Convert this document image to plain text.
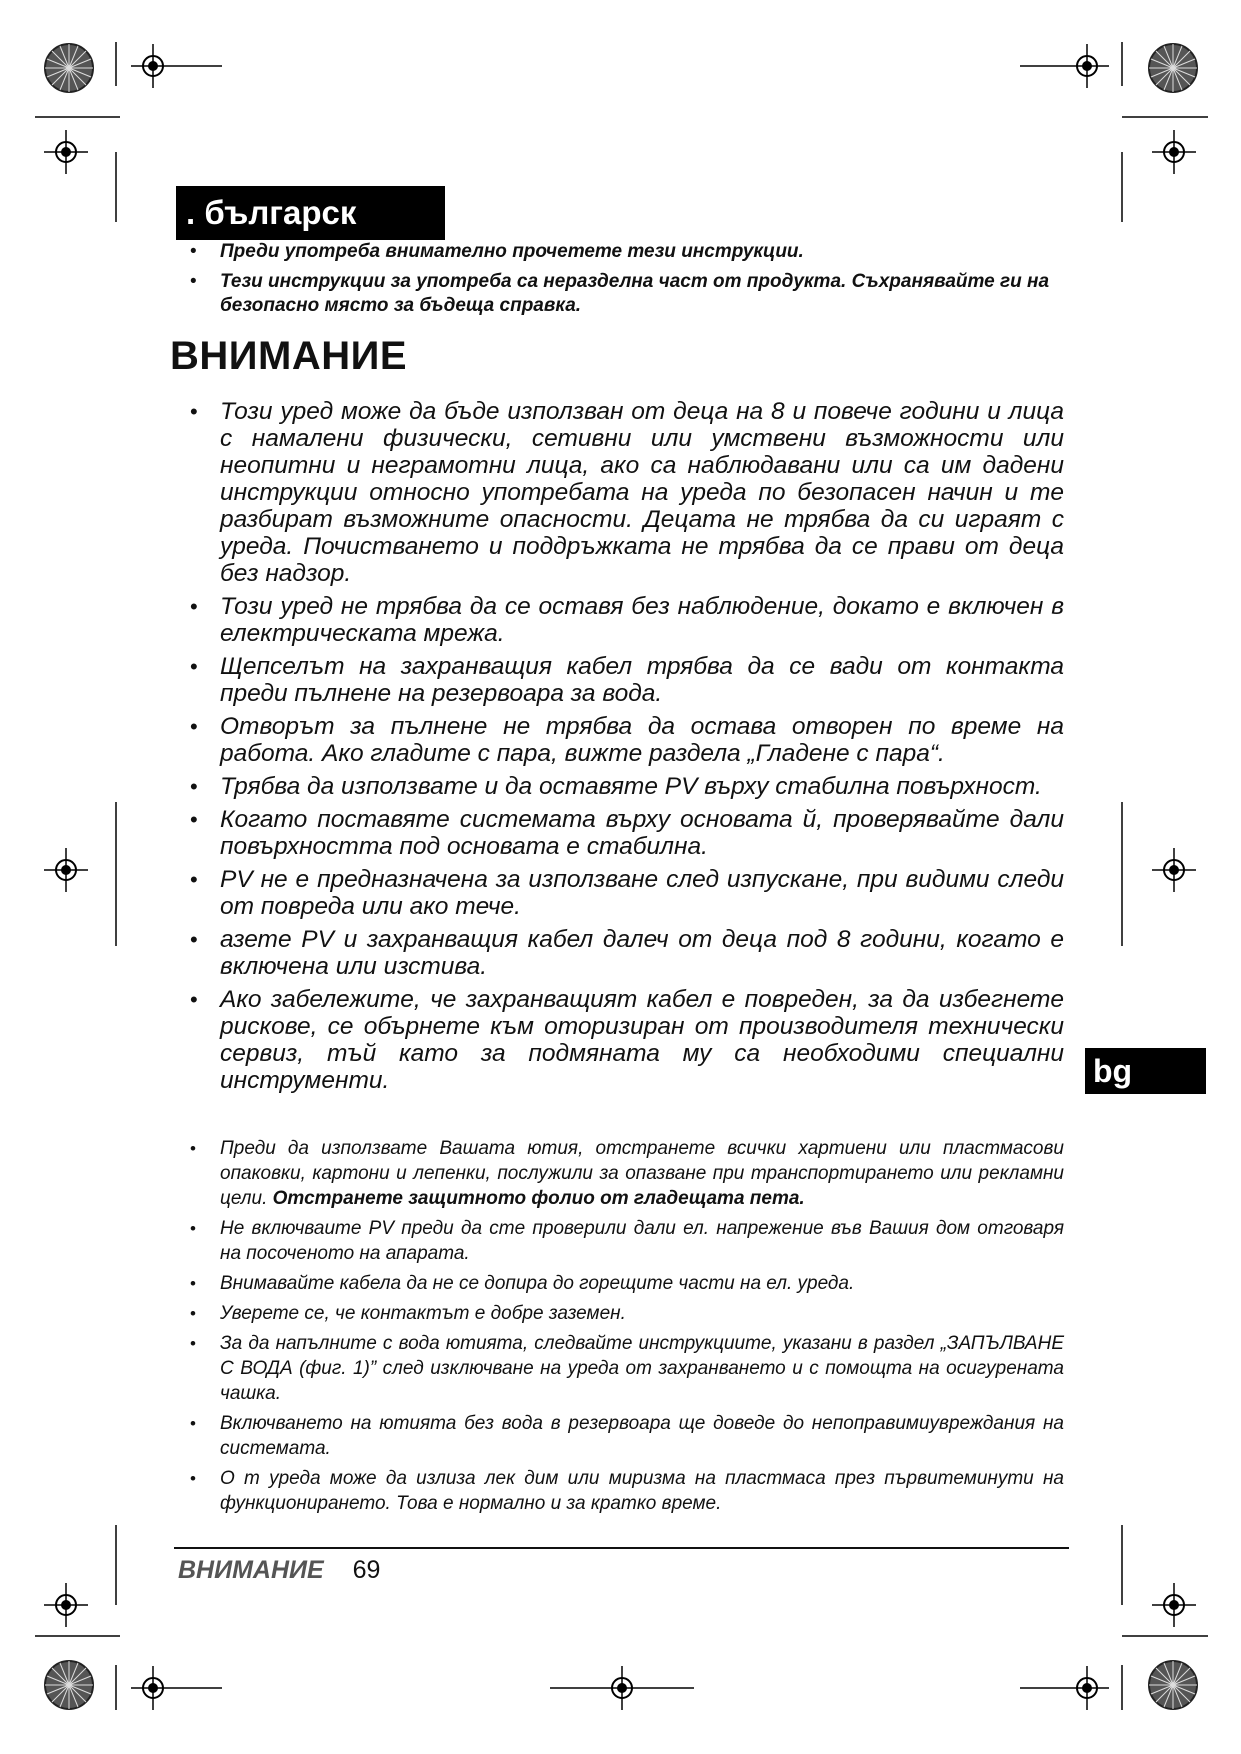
. българск
• Преди употреба внимателно прочетете тези инструкции.
• Тези инструкции за употреба са неразделна част от продукта. Съхранявайте ги на безопасно място за бъдеща справка.
ВНИМАНИЕ
• Този уред може да бъде използван от деца на 8 и повече години и лица с намалени физически, сетивни или умствени възможности или неопитни и неграмотни лица, ако са наблюдавани или са им дадени инструкции относно употребата на уреда по безопасен начин и те разбират възможните опасности. Децата не трябва да си играят с уреда. Почистването и поддръжката не трябва да се прави от деца без надзор.
• Този уред не трябва да се оставя без наблюдение, докато е включен в електрическата мрежа.
• Щепселът на захранващия кабел трябва да се вади от контакта преди пълнене на резервоара за вода.
• Отворът за пълнене не трябва да остава отворен по време на работа. Ако гладите с пара, вижте раздела „Гладене с пара“.
• Трябва да използвате и да оставяте PV върху стабилна повърхност.
• Когато поставяте системата върху основата й, проверявайте дали повърхността под основата е стабилна.
• PV не е предназначена за използване след изпускане, при видими следи от повреда или ако тече.
• азете PV и захранващия кабел далеч от деца под 8 години, когато е включена или изстива.
• Ако забележите, че захранващият кабел е повреден, за да избегнете рискове, се обърнете към оторизиран от производителя технически сервиз, тъй като за подмяната му са необходими специални инструменти.
• Преди да използвате Вашата ютия, отстранете всички хартиени или пластмасови опаковки, картони и лепенки, послужили за опазване при транспортирането или рекламни цели. Отстранете защитното фолио от гладещата пета.
• Не включваите PV преди да сте проверили дали ел. напрежение във Вашия дом отговаря на посоченото на апарата.
• Внимавайте кабела да не се допира до горещите части на ел. уреда.
• Уверете се, че контактът е добре заземен.
• За да напълните с вода ютията, следвайте инструкциите, указани в раздел „ЗАПЪЛВАНЕ С ВОДА (фиг. 1)” след изключване на уреда от захранването и с помощта на осигурената чашка.
• Включването на ютията без вода в резервоара ще доведе до непоправимиувреждания на системата.
• О т уреда може да излиза лек дим или миризма на пластмаса през първитеминути на функционирането. Това е нормално и за кратко време.
bg
ВНИМАНИЕ 69
